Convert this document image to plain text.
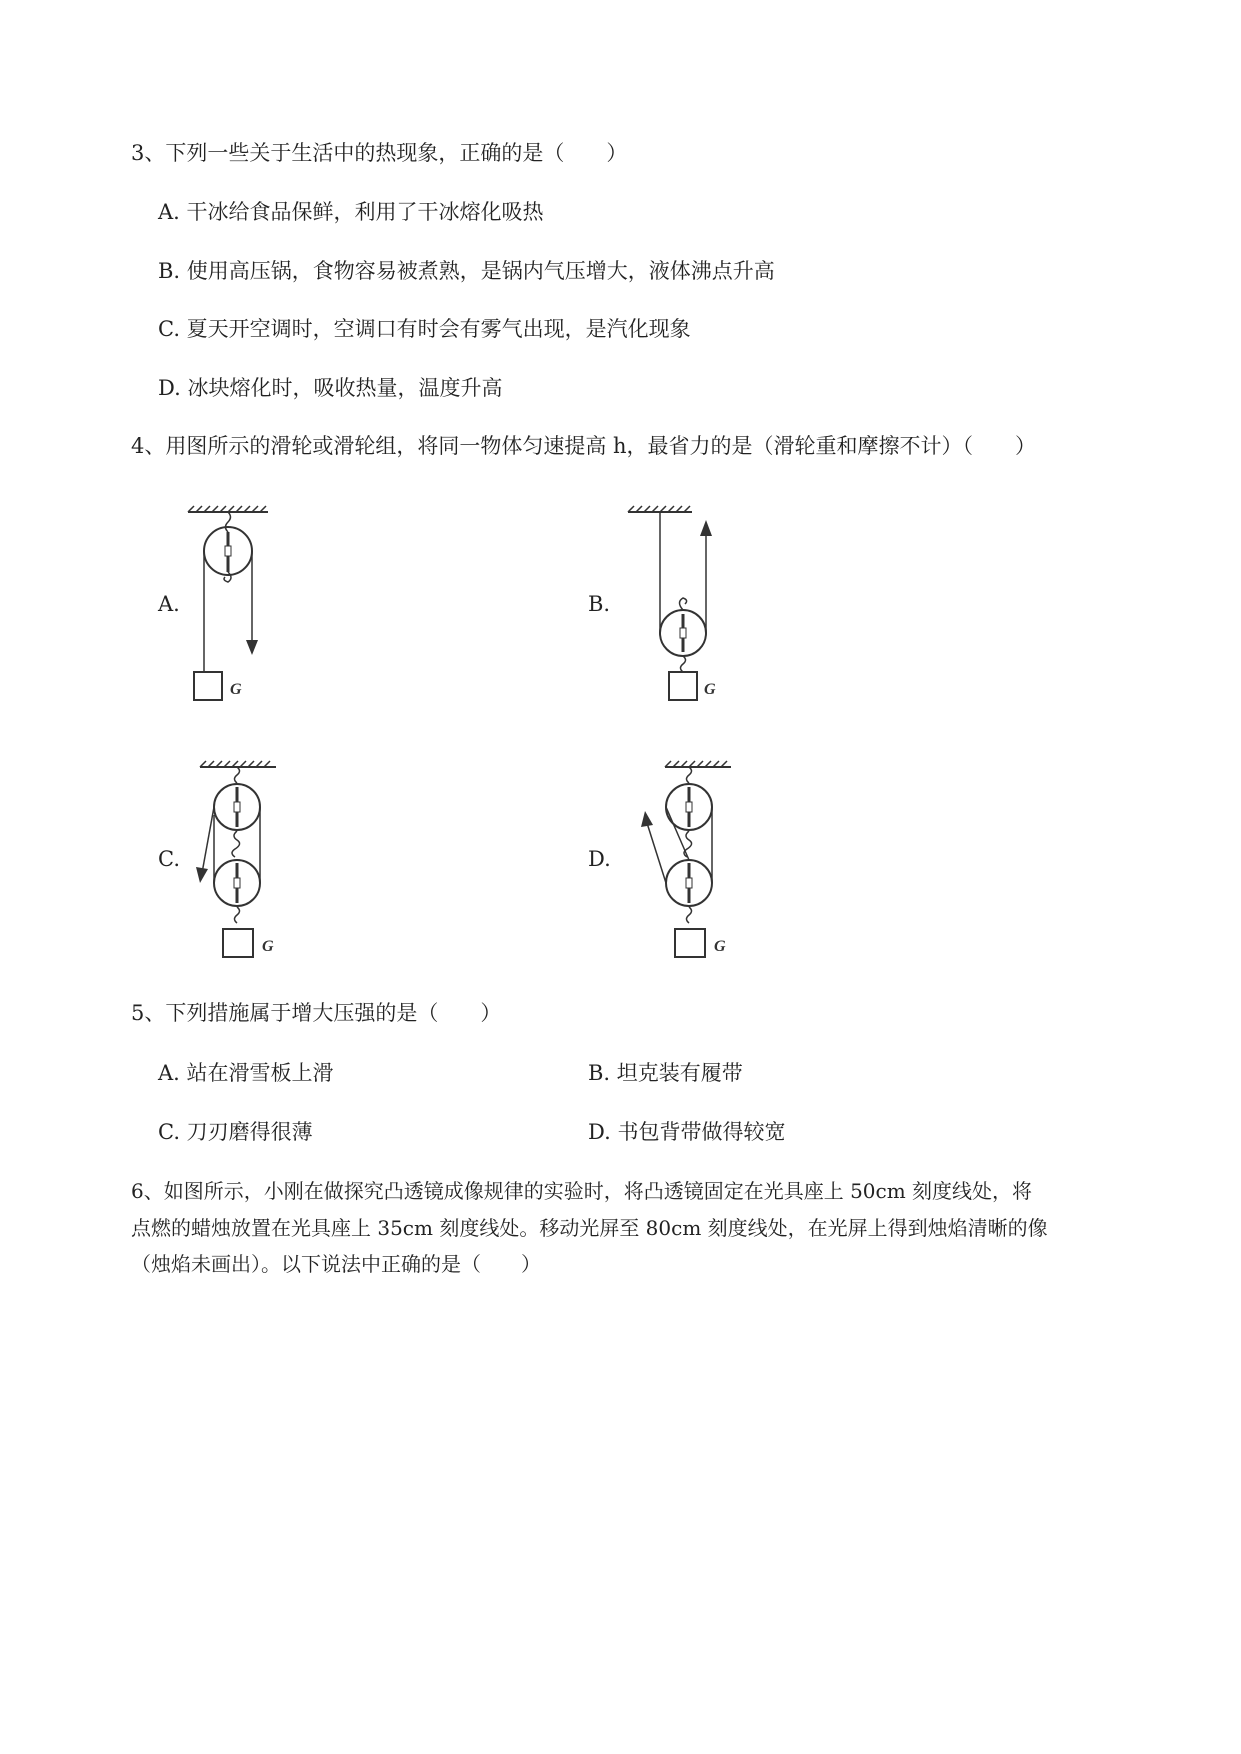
3、下列一些关于生活中的热现象，正确的是（　　）
A. 干冰给食品保鲜，利用了干冰熔化吸热
B. 使用高压锅，食物容易被煮熟，是锅内气压增大，液体沸点升高
C. 夏天开空调时，空调口有时会有雾气出现，是汽化现象
D. 冰块熔化时，吸收热量，温度升高
4、用图所示的滑轮或滑轮组，将同一物体匀速提高 h，最省力的是（滑轮重和摩擦不计）（　　）
A.	B.
C.	D.
G	G
G	G
5、下列措施属于增大压强的是（　　）
A. 站在滑雪板上滑	B. 坦克装有履带
C. 刀刃磨得很薄	D. 书包背带做得较宽
6、如图所示，小刚在做探究凸透镜成像规律的实验时，将凸透镜固定在光具座上 50cm 刻度线处，将
点燃的蜡烛放置在光具座上 35cm 刻度线处。移动光屏至 80cm 刻度线处，在光屏上得到烛焰清晰的像
（烛焰未画出）。以下说法中正确的是（　　）
